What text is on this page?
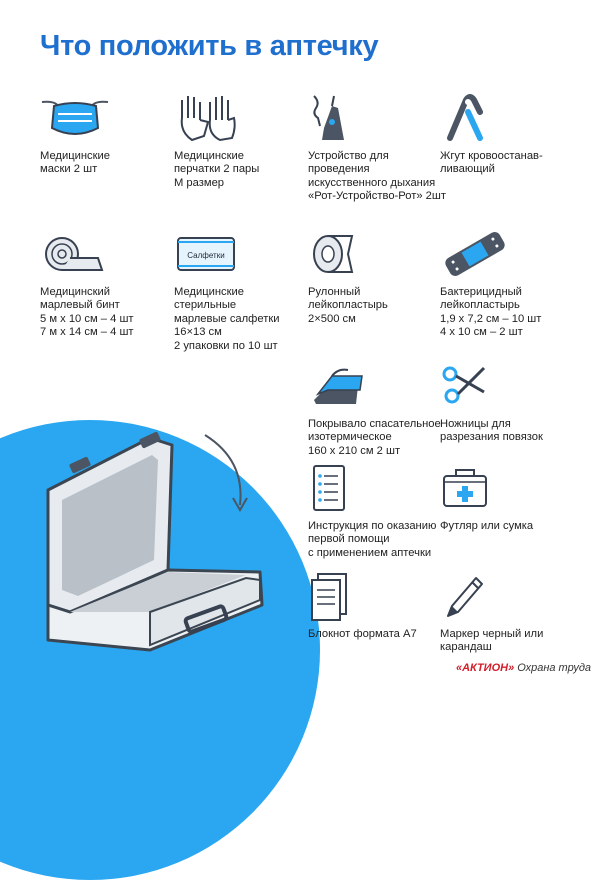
Что положить в аптечку
Медицинские
маски 2 шт
Медицинские
перчатки 2 пары
М размер
Устройство для
проведения
искусственного дыхания
«Рот-Устройство-Рот» 2шт
Жгут кровоостанав-
ливающий
Медицинский
марлевый бинт
5 м х 10 см – 4 шт
7 м х 14 см – 4 шт
Салфетки
Медицинские
стерильные
марлевые салфетки
16×13 см
2 упаковки по 10 шт
Рулонный
лейкопластырь
2×500 см
Бактерицидный
лейкопластырь
1,9 х 7,2 см – 10 шт
4 х 10 см – 2 шт
Покрывало спасательное
изотермическое
160 х 210 см 2 шт
Ножницы для
разрезания повязок
Инструкция по оказанию
первой помощи
с применением аптечки
Футляр или сумка
Блокнот формата А7	Маркер черный или
карандаш
«АКТИОН» Охрана труда
